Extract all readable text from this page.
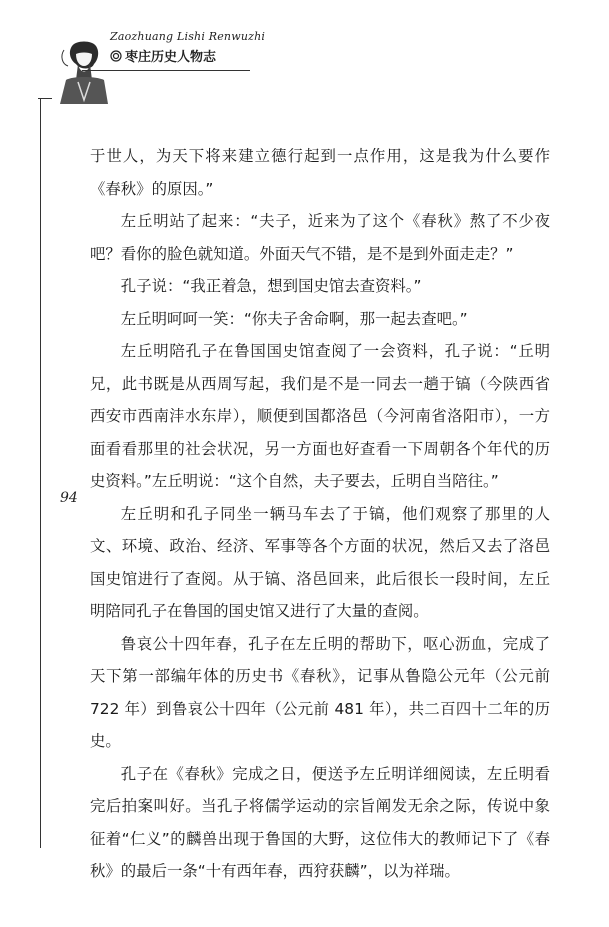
Zaozhuang Lishi Renwuzhi
枣庄历史人物志
94

于世人，为天下将来建立德行起到一点作用，这是我为什么要作《春秋》的原因。”

左丘明站了起来：“夫子，近来为了这个《春秋》熬了不少夜吧？看你的脸色就知道。外面天气不错，是不是到外面走走？”

孔子说：“我正着急，想到国史馆去查资料。”

左丘明呵呵一笑：“你夫子舍命啊，那一起去查吧。”

左丘明陪孔子在鲁国国史馆查阅了一会资料，孔子说：“丘明兄，此书既是从西周写起，我们是不是一同去一趟于镐（今陕西省西安市西南沣水东岸），顺便到国都洛邑（今河南省洛阳市），一方面看看那里的社会状况，另一方面也好查看一下周朝各个年代的历史资料。”左丘明说：“这个自然，夫子要去，丘明自当陪往。”

左丘明和孔子同坐一辆马车去了于镐，他们观察了那里的人文、环境、政治、经济、军事等各个方面的状况，然后又去了洛邑国史馆进行了查阅。从于镐、洛邑回来，此后很长一段时间，左丘明陪同孔子在鲁国的国史馆又进行了大量的查阅。

鲁哀公十四年春，孔子在左丘明的帮助下，呕心沥血，完成了天下第一部编年体的历史书《春秋》，记事从鲁隐公元年（公元前 722 年）到鲁哀公十四年（公元前 481 年），共二百四十二年的历史。

孔子在《春秋》完成之日，便送予左丘明详细阅读，左丘明看完后拍案叫好。当孔子将儒学运动的宗旨阐发无余之际，传说中象征着“仁义”的麟兽出现于鲁国的大野，这位伟大的教师记下了《春秋》的最后一条“十有西年春，西狩获麟”，以为祥瑞。
